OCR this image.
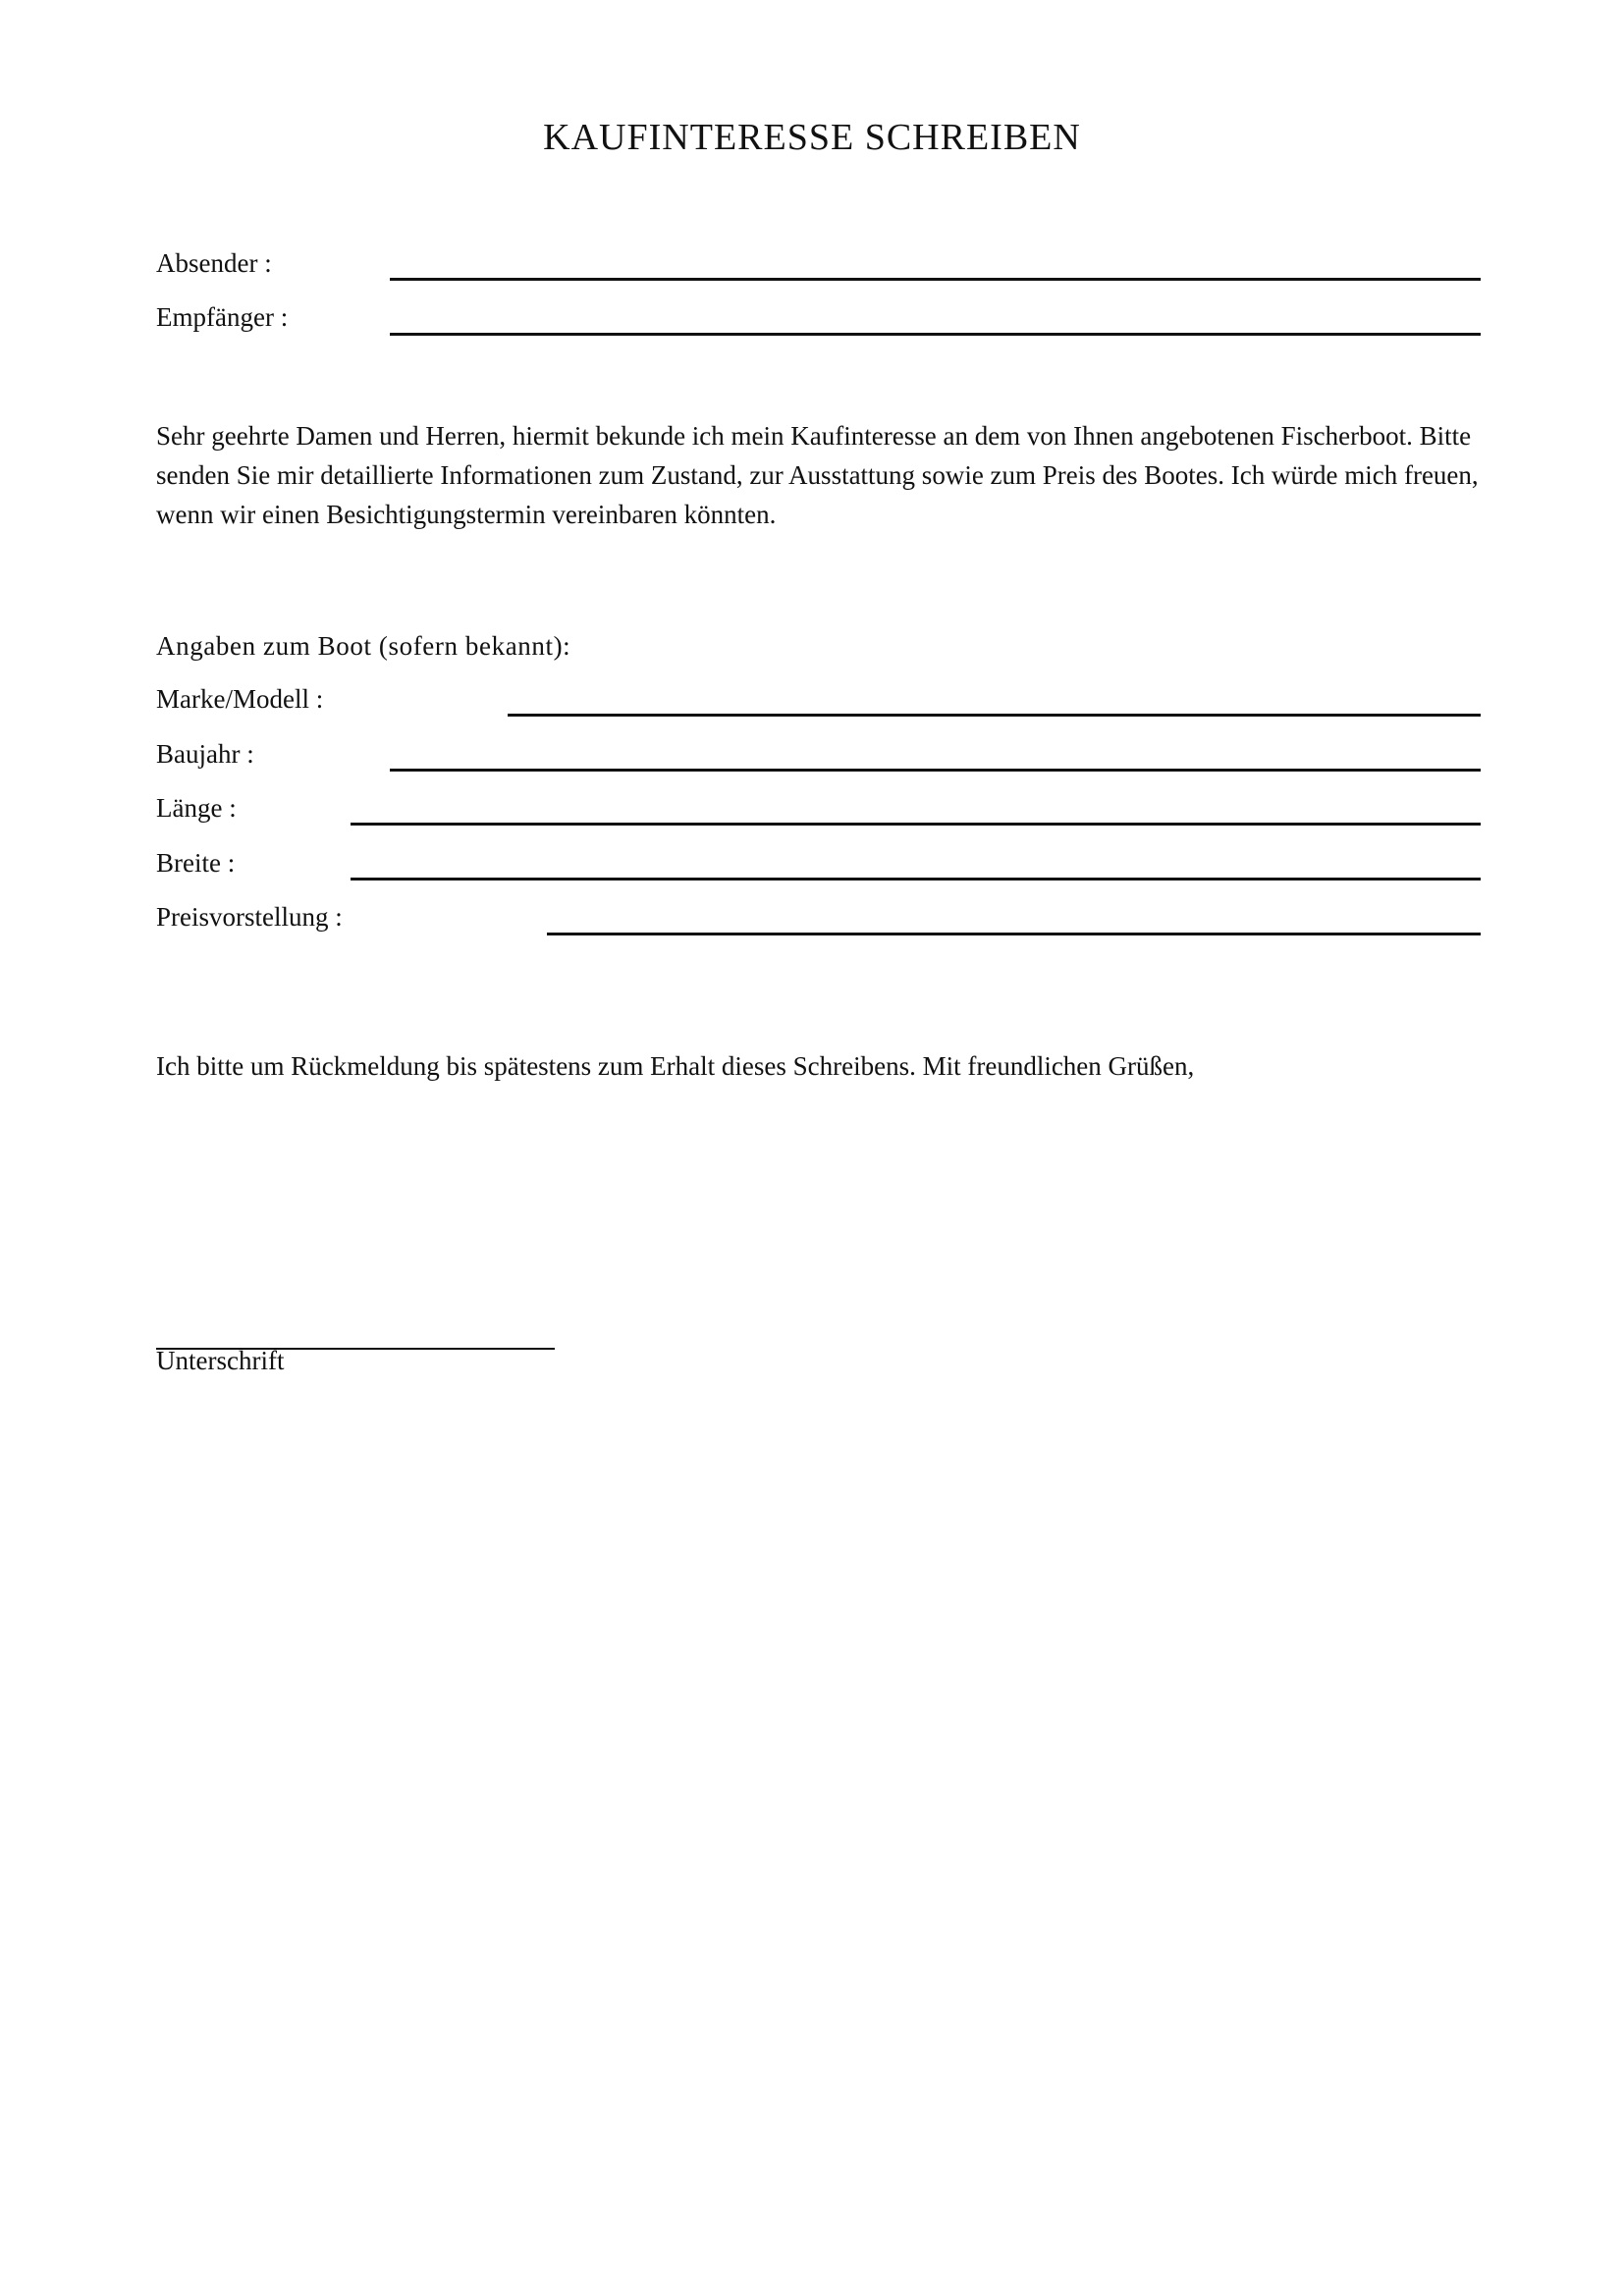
KAUFINTERESSE SCHREIBEN
Absender :
Empfänger :
Sehr geehrte Damen und Herren, hiermit bekunde ich mein Kaufinteresse an dem von Ihnen angebotenen Fischerboot. Bitte senden Sie mir detaillierte Informationen zum Zustand, zur Ausstattung sowie zum Preis des Bootes. Ich würde mich freuen, wenn wir einen Besichtigungstermin vereinbaren könnten.
Angaben zum Boot (sofern bekannt):
Marke/Modell :
Baujahr :
Länge :
Breite :
Preisvorstellung :
Ich bitte um Rückmeldung bis spätestens zum Erhalt dieses Schreibens. Mit freundlichen Grüßen,
Unterschrift
